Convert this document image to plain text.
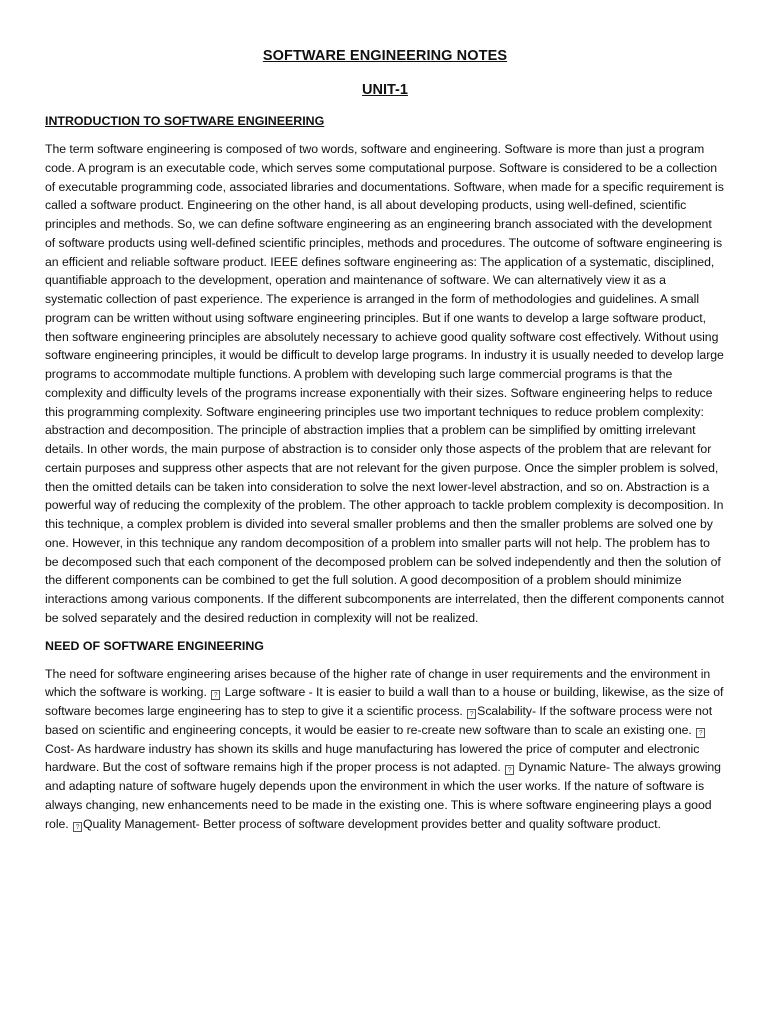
SOFTWARE ENGINEERING NOTES
UNIT-1
INTRODUCTION TO SOFTWARE ENGINEERING

The term software engineering is composed of two words, software and engineering. Software is more than just a program code. A program is an executable code, which serves some computational purpose. Software is considered to be a collection of executable programming code, associated libraries and documentations. Software, when made for a specific requirement is called a software product. Engineering on the other hand, is all about developing products, using well-defined, scientific principles and methods. So, we can define software engineering as an engineering branch associated with the development of software products using well-defined scientific principles, methods and procedures. The outcome of software engineering is an efficient and reliable software product. IEEE defines software engineering as: The application of a systematic, disciplined, quantifiable approach to the development, operation and maintenance of software. We can alternatively view it as a systematic collection of past experience. The experience is arranged in the form of methodologies and guidelines. A small program can be written without using software engineering principles. But if one wants to develop a large software product, then software engineering principles are absolutely necessary to achieve good quality software cost effectively. Without using software engineering principles, it would be difficult to develop large programs. In industry it is usually needed to develop large programs to accommodate multiple functions. A problem with developing such large commercial programs is that the complexity and difficulty levels of the programs increase exponentially with their sizes. Software engineering helps to reduce this programming complexity. Software engineering principles use two important techniques to reduce problem complexity: abstraction and decomposition. The principle of abstraction implies that a problem can be simplified by omitting irrelevant details. In other words, the main purpose of abstraction is to consider only those aspects of the problem that are relevant for certain purposes and suppress other aspects that are not relevant for the given purpose. Once the simpler problem is solved, then the omitted details can be taken into consideration to solve the next lower-level abstraction, and so on. Abstraction is a powerful way of reducing the complexity of the problem. The other approach to tackle problem complexity is decomposition. In this technique, a complex problem is divided into several smaller problems and then the smaller problems are solved one by one. However, in this technique any random decomposition of a problem into smaller parts will not help. The problem has to be decomposed such that each component of the decomposed problem can be solved independently and then the solution of the different components can be combined to get the full solution. A good decomposition of a problem should minimize interactions among various components. If the different subcomponents are interrelated, then the different components cannot be solved separately and the desired reduction in complexity will not be realized.

NEED OF SOFTWARE ENGINEERING

The need for software engineering arises because of the higher rate of change in user requirements and the environment in which the software is working. ? Large software - It is easier to build a wall than to a house or building, likewise, as the size of software becomes large engineering has to step to give it a scientific process. ? Scalability- If the software process were not based on scientific and engineering concepts, it would be easier to re-create new software than to scale an existing one. ?Cost- As hardware industry has shown its skills and huge manufacturing has lowered the price of computer and electronic hardware. But the cost of software remains high if the proper process is not adapted. ? Dynamic Nature- The always growing and adapting nature of software hugely depends upon the environment in which the user works. If the nature of software is always changing, new enhancements need to be made in the existing one. This is where software engineering plays a good role. ? Quality Management- Better process of software development provides better and quality software product.
